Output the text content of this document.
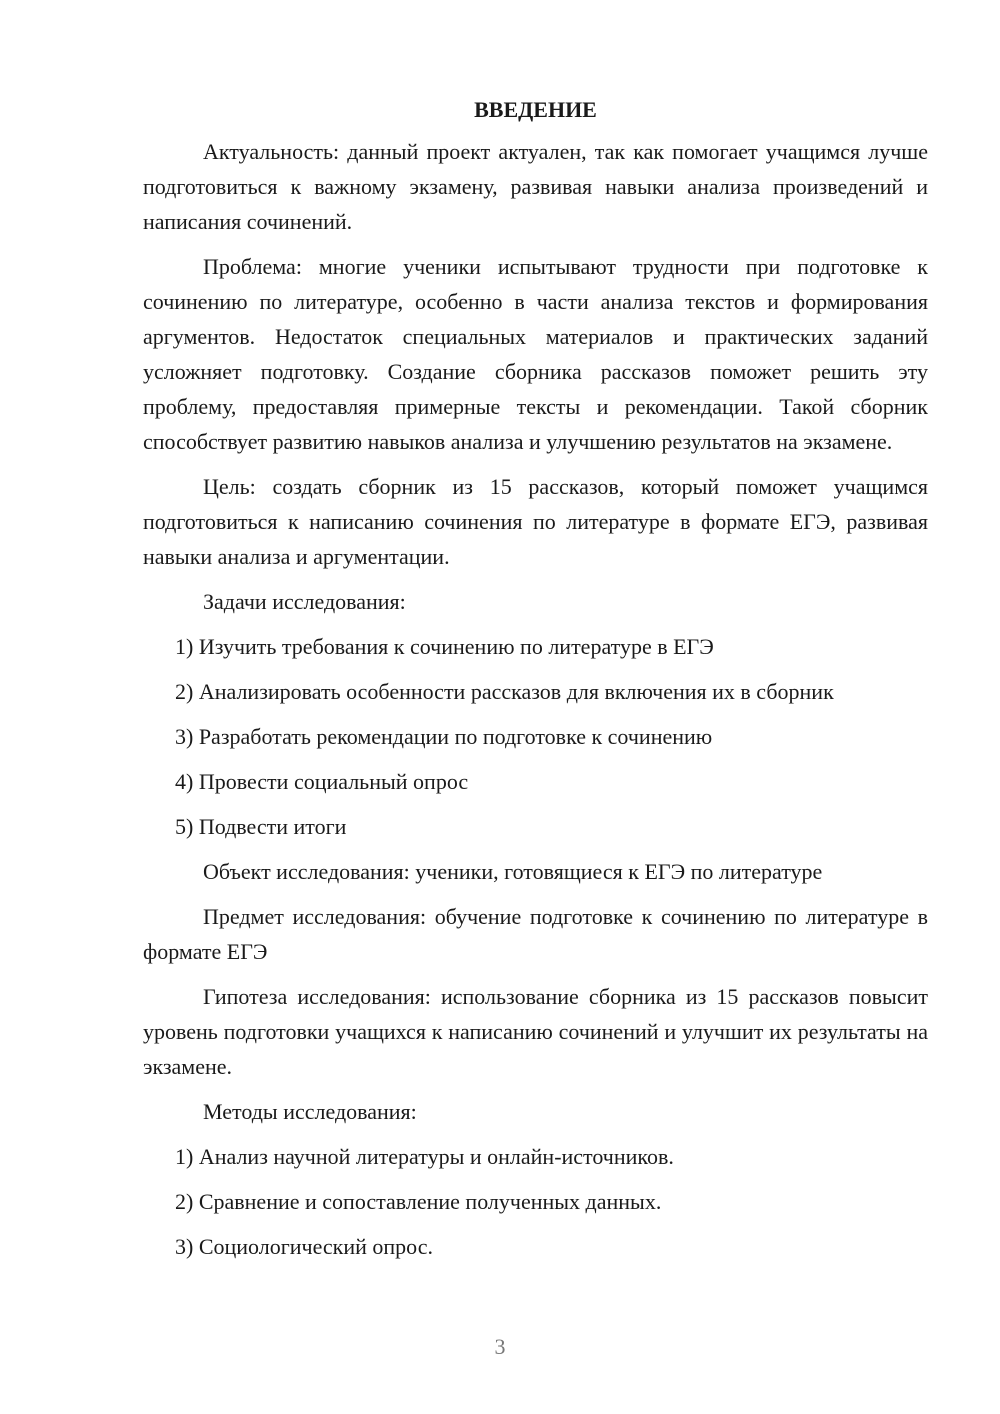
ВВЕДЕНИЕ

Актуальность: данный проект актуален, так как помогает учащимся лучше подготовиться к важному экзамену, развивая навыки анализа произведений и написания сочинений.

Проблема: многие ученики испытывают трудности при подготовке к сочинению по литературе, особенно в части анализа текстов и формирования аргументов. Недостаток специальных материалов и практических заданий усложняет подготовку. Создание сборника рассказов поможет решить эту проблему, предоставляя примерные тексты и рекомендации. Такой сборник способствует развитию навыков анализа и улучшению результатов на экзамене.

Цель: создать сборник из 15 рассказов, который поможет учащимся подготовиться к написанию сочинения по литературе в формате ЕГЭ, развивая навыки анализа и аргументации.

Задачи исследования:

1) Изучить требования к сочинению по литературе в ЕГЭ
2) Анализировать особенности рассказов для включения их в сборник
3) Разработать рекомендации по подготовке к сочинению
4) Провести социальный опрос
5) Подвести итоги

Объект исследования: ученики, готовящиеся к ЕГЭ по литературе

Предмет исследования: обучение подготовке к сочинению по литературе в формате ЕГЭ

Гипотеза исследования: использование сборника из 15 рассказов повысит уровень подготовки учащихся к написанию сочинений и улучшит их результаты на экзамене.

Методы исследования:

1) Анализ научной литературы и онлайн-источников.
2) Сравнение и сопоставление полученных данных.
3) Социологический опрос.
3
